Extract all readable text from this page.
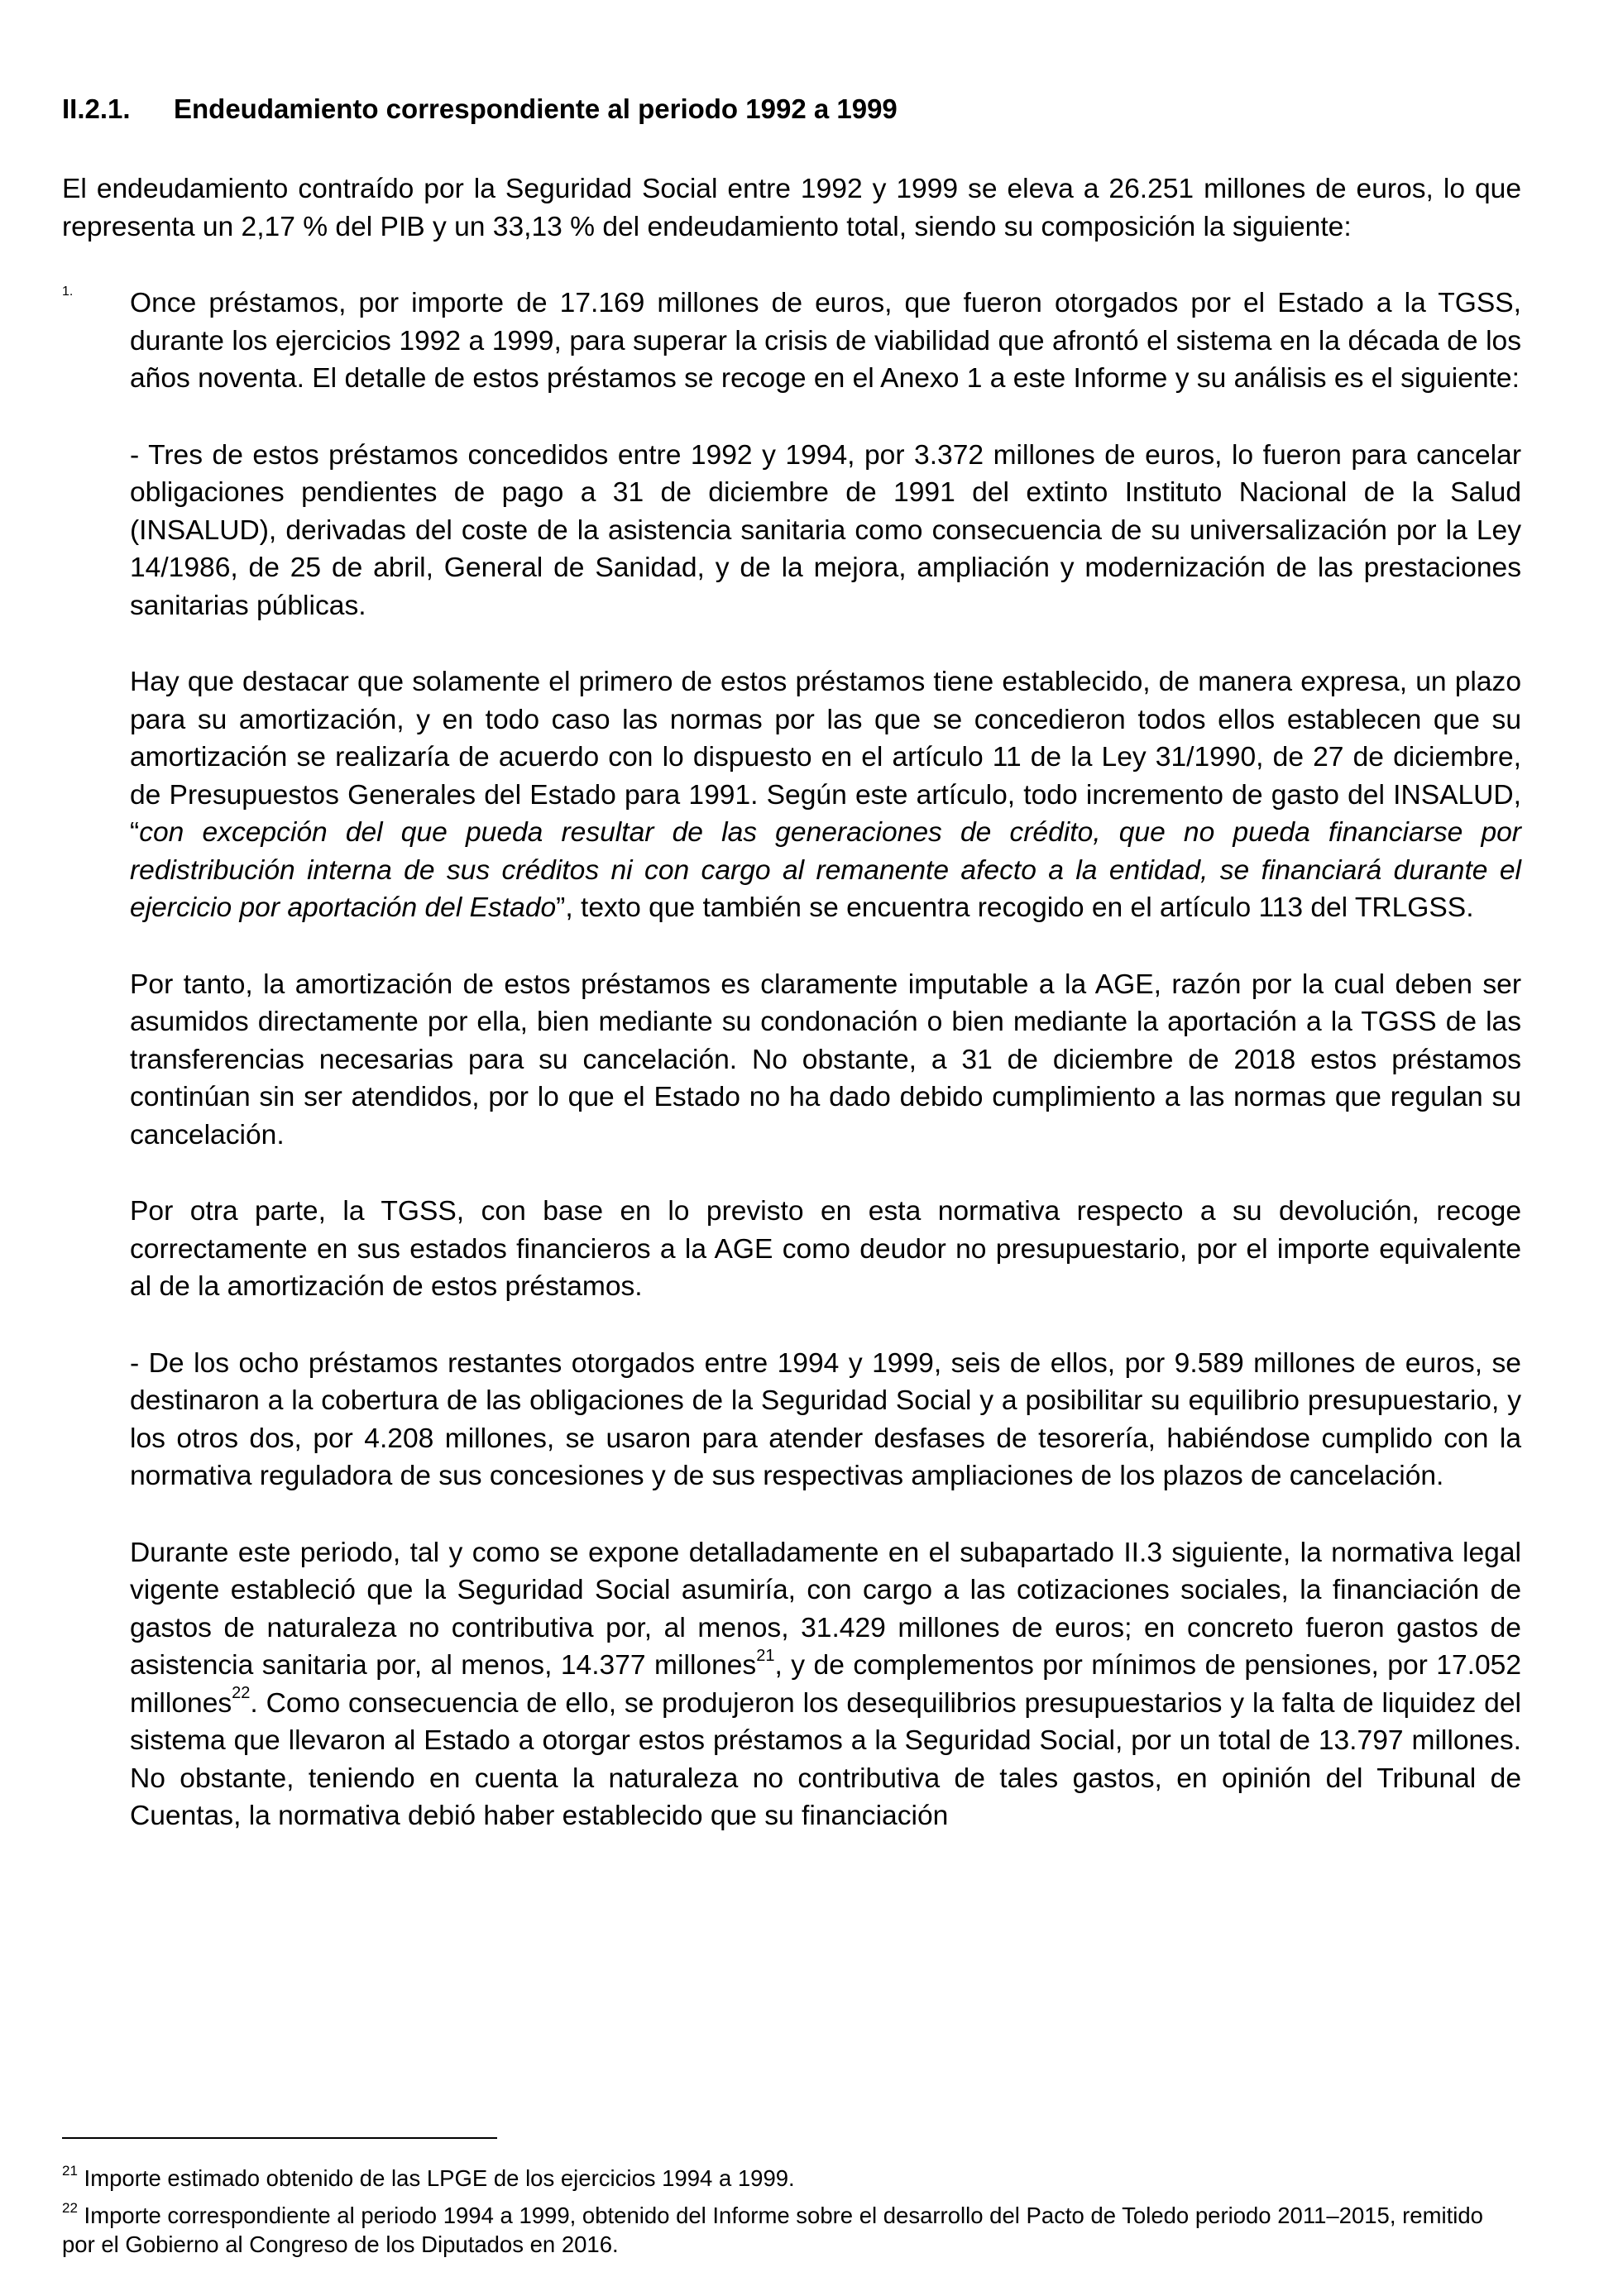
II.2.1. Endeudamiento correspondiente al periodo 1992 a 1999

El endeudamiento contraído por la Seguridad Social entre 1992 y 1999 se eleva a 26.251 millones de euros, lo que representa un 2,17 % del PIB y un 33,13 % del endeudamiento total, siendo su composición la siguiente:

1. Once préstamos, por importe de 17.169 millones de euros, que fueron otorgados por el Estado a la TGSS, durante los ejercicios 1992 a 1999, para superar la crisis de viabilidad que afrontó el sistema en la década de los años noventa. El detalle de estos préstamos se recoge en el Anexo 1 a este Informe y su análisis es el siguiente:

- Tres de estos préstamos concedidos entre 1992 y 1994, por 3.372 millones de euros, lo fueron para cancelar obligaciones pendientes de pago a 31 de diciembre de 1991 del extinto Instituto Nacional de la Salud (INSALUD), derivadas del coste de la asistencia sanitaria como consecuencia de su universalización por la Ley 14/1986, de 25 de abril, General de Sanidad, y de la mejora, ampliación y modernización de las prestaciones sanitarias públicas.

Hay que destacar que solamente el primero de estos préstamos tiene establecido, de manera expresa, un plazo para su amortización, y en todo caso las normas por las que se concedieron todos ellos establecen que su amortización se realizaría de acuerdo con lo dispuesto en el artículo 11 de la Ley 31/1990, de 27 de diciembre, de Presupuestos Generales del Estado para 1991. Según este artículo, todo incremento de gasto del INSALUD, “con excepción del que pueda resultar de las generaciones de crédito, que no pueda financiarse por redistribución interna de sus créditos ni con cargo al remanente afecto a la entidad, se financiará durante el ejercicio por aportación del Estado”, texto que también se encuentra recogido en el artículo 113 del TRLGSS.

Por tanto, la amortización de estos préstamos es claramente imputable a la AGE, razón por la cual deben ser asumidos directamente por ella, bien mediante su condonación o bien mediante la aportación a la TGSS de las transferencias necesarias para su cancelación. No obstante, a 31 de diciembre de 2018 estos préstamos continúan sin ser atendidos, por lo que el Estado no ha dado debido cumplimiento a las normas que regulan su cancelación.

Por otra parte, la TGSS, con base en lo previsto en esta normativa respecto a su devolución, recoge correctamente en sus estados financieros a la AGE como deudor no presupuestario, por el importe equivalente al de la amortización de estos préstamos.

- De los ocho préstamos restantes otorgados entre 1994 y 1999, seis de ellos, por 9.589 millones de euros, se destinaron a la cobertura de las obligaciones de la Seguridad Social y a posibilitar su equilibrio presupuestario, y los otros dos, por 4.208 millones, se usaron para atender desfases de tesorería, habiéndose cumplido con la normativa reguladora de sus concesiones y de sus respectivas ampliaciones de los plazos de cancelación.

Durante este periodo, tal y como se expone detalladamente en el subapartado II.3 siguiente, la normativa legal vigente estableció que la Seguridad Social asumiría, con cargo a las cotizaciones sociales, la financiación de gastos de naturaleza no contributiva por, al menos, 31.429 millones de euros; en concreto fueron gastos de asistencia sanitaria por, al menos, 14.377 millones$^{21}$, y de complementos por mínimos de pensiones, por 17.052 millones$^{22}$. Como consecuencia de ello, se produjeron los desequilibrios presupuestarios y la falta de liquidez del sistema que llevaron al Estado a otorgar estos préstamos a la Seguridad Social, por un total de 13.797 millones. No obstante, teniendo en cuenta la naturaleza no contributiva de tales gastos, en opinión del Tribunal de Cuentas, la normativa debió haber establecido que su financiación

$^{21}$ Importe estimado obtenido de las LPGE de los ejercicios 1994 a 1999.

$^{22}$ Importe correspondiente al periodo 1994 a 1999, obtenido del Informe sobre el desarrollo del Pacto de Toledo periodo 2011–2015, remitido por el Gobierno al Congreso de los Diputados en 2016.
